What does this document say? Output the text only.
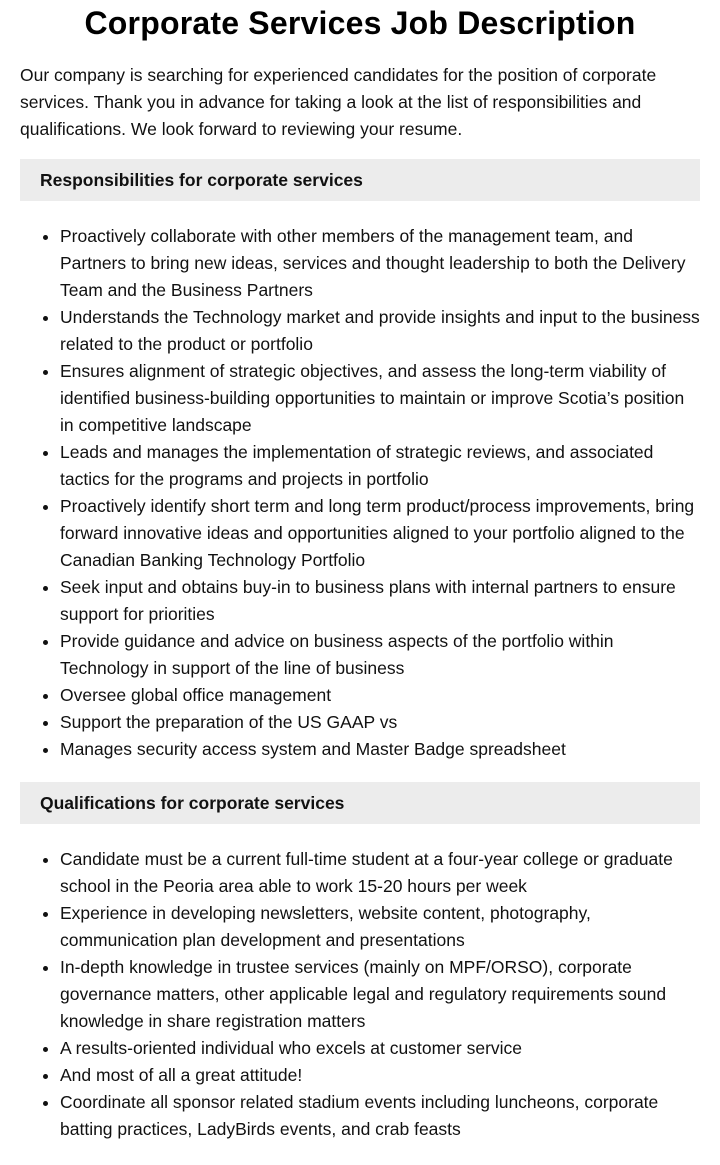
Corporate Services Job Description

Our company is searching for experienced candidates for the position of corporate services. Thank you in advance for taking a look at the list of responsibilities and qualifications. We look forward to reviewing your resume.

Responsibilities for corporate services
• Proactively collaborate with other members of the management team, and Partners to bring new ideas, services and thought leadership to both the Delivery Team and the Business Partners
• Understands the Technology market and provide insights and input to the business related to the product or portfolio
• Ensures alignment of strategic objectives, and assess the long-term viability of identified business-building opportunities to maintain or improve Scotia’s position in competitive landscape
• Leads and manages the implementation of strategic reviews, and associated tactics for the programs and projects in portfolio
• Proactively identify short term and long term product/process improvements, bring forward innovative ideas and opportunities aligned to your portfolio aligned to the Canadian Banking Technology Portfolio
• Seek input and obtains buy-in to business plans with internal partners to ensure support for priorities
• Provide guidance and advice on business aspects of the portfolio within Technology in support of the line of business
• Oversee global office management
• Support the preparation of the US GAAP vs
• Manages security access system and Master Badge spreadsheet
Qualifications for corporate services
• Candidate must be a current full-time student at a four-year college or graduate school in the Peoria area able to work 15-20 hours per week
• Experience in developing newsletters, website content, photography, communication plan development and presentations
• In-depth knowledge in trustee services (mainly on MPF/ORSO), corporate governance matters, other applicable legal and regulatory requirements sound knowledge in share registration matters
• A results-oriented individual who excels at customer service
• And most of all a great attitude!
• Coordinate all sponsor related stadium events including luncheons, corporate batting practices, LadyBirds events, and crab feasts
